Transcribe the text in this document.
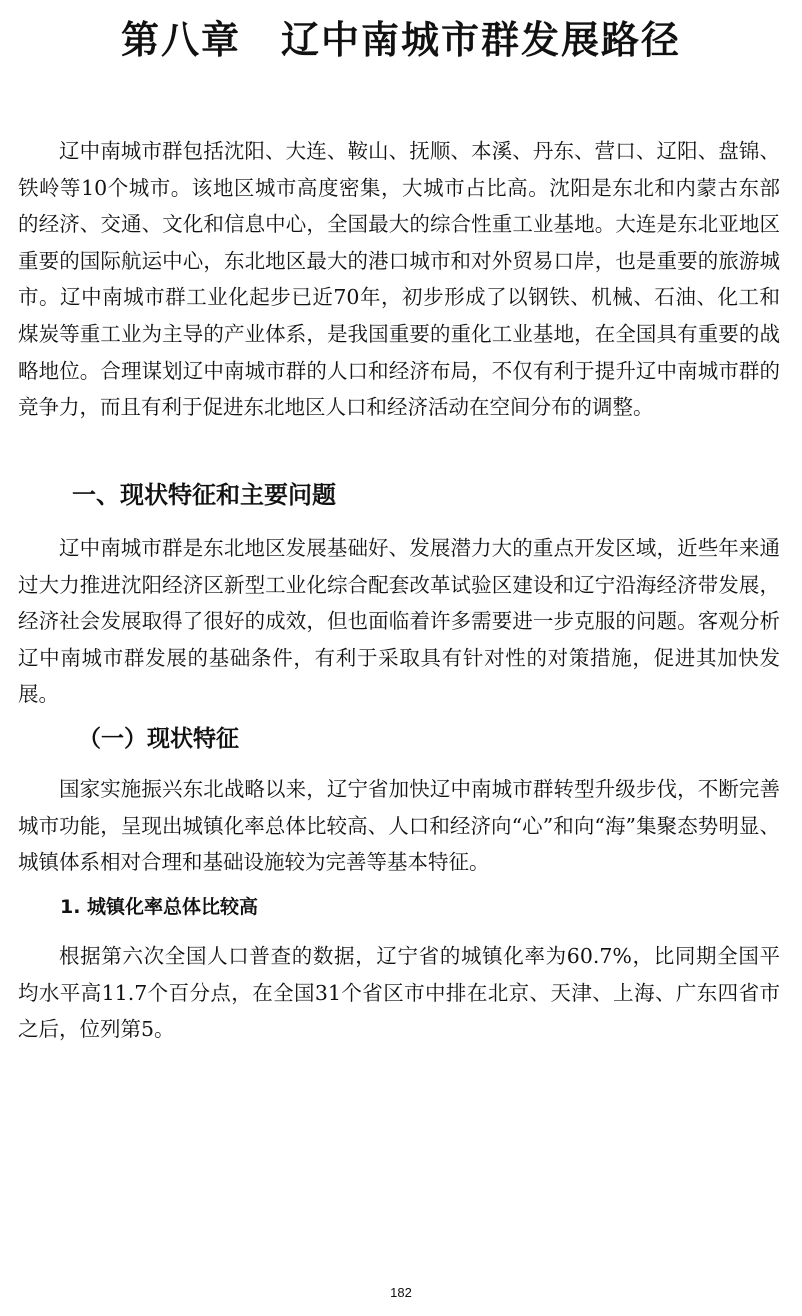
第八章　辽中南城市群发展路径

辽中南城市群包括沈阳、大连、鞍山、抚顺、本溪、丹东、营口、辽阳、盘锦、铁岭等10个城市。该地区城市高度密集，大城市占比高。沈阳是东北和内蒙古东部的经济、交通、文化和信息中心，全国最大的综合性重工业基地。大连是东北亚地区重要的国际航运中心，东北地区最大的港口城市和对外贸易口岸，也是重要的旅游城市。辽中南城市群工业化起步已近70年，初步形成了以钢铁、机械、石油、化工和煤炭等重工业为主导的产业体系，是我国重要的重化工业基地，在全国具有重要的战略地位。合理谋划辽中南城市群的人口和经济布局，不仅有利于提升辽中南城市群的竞争力，而且有利于促进东北地区人口和经济活动在空间分布的调整。

一、现状特征和主要问题

辽中南城市群是东北地区发展基础好、发展潜力大的重点开发区域，近些年来通过大力推进沈阳经济区新型工业化综合配套改革试验区建设和辽宁沿海经济带发展，经济社会发展取得了很好的成效，但也面临着许多需要进一步克服的问题。客观分析辽中南城市群发展的基础条件，有利于采取具有针对性的对策措施，促进其加快发展。

（一）现状特征

国家实施振兴东北战略以来，辽宁省加快辽中南城市群转型升级步伐，不断完善城市功能，呈现出城镇化率总体比较高、人口和经济向“心”和向“海”集聚态势明显、城镇体系相对合理和基础设施较为完善等基本特征。

1. 城镇化率总体比较高

根据第六次全国人口普查的数据，辽宁省的城镇化率为60.7%，比同期全国平均水平高11.7个百分点，在全国31个省区市中排在北京、天津、上海、广东四省市之后，位列第5。

182
